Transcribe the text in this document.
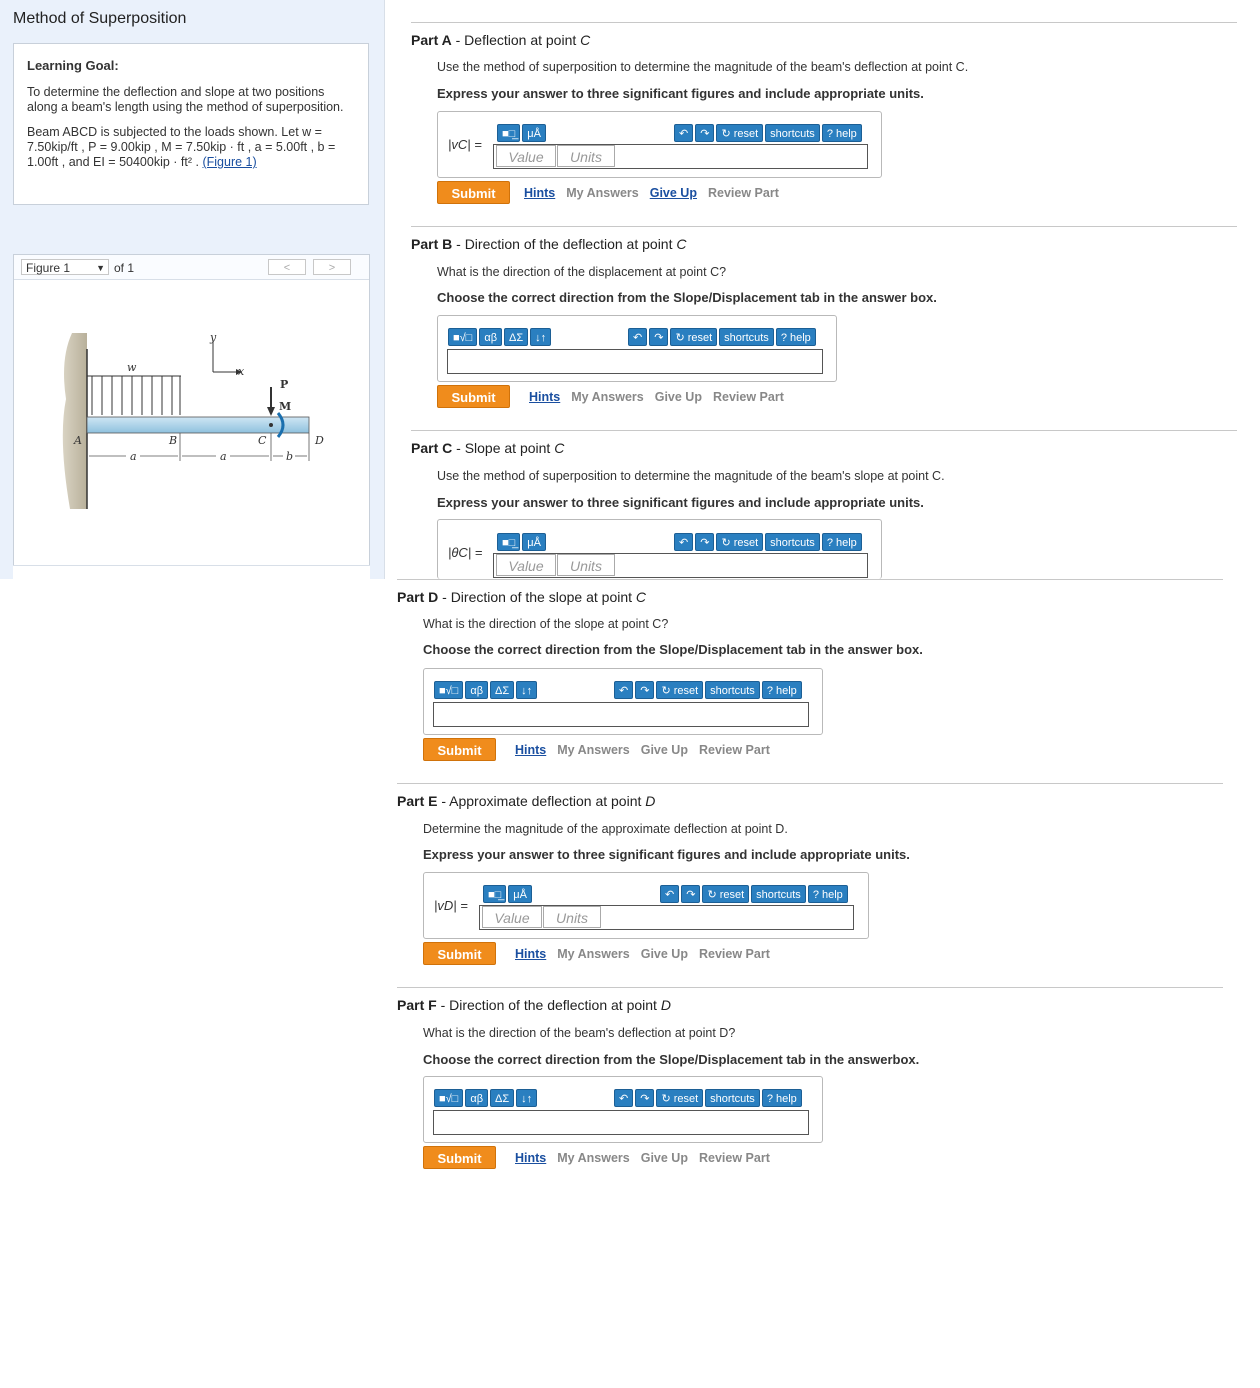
Method of Superposition
Learning Goal:

To determine the deflection and slope at two positions along a beam's length using the method of superposition.

Beam ABCD is subjected to the loads shown. Let w = 7.50kip/ft , P = 9.00kip , M = 7.50kip · ft , a = 5.00ft , b = 1.00ft , and EI = 50400kip · ft² . (Figure 1)

Figure 1	▼ of 1	<	>
y
x
w
P
M
A	B	C	D
a	a	b
Part A - Deflection at point C
Use the method of superposition to determine the magnitude of the beam's deflection at point C.
Express your answer to three significant figures and include appropriate units.
|vC| =
■□̲	μÅ	↶	↷	↻ reset	shortcuts	? help
Value	Units
Submit	Hints My Answers Give Up Review Part
Part B - Direction of the deflection at point C
What is the direction of the displacement at point C?
Choose the correct direction from the Slope/Displacement tab in the answer box.
■√□	αβ	ΔΣ	↓↑	↶	↷	↻ reset	shortcuts	? help
Submit	Hints My Answers Give Up Review Part
Part C - Slope at point C
Use the method of superposition to determine the magnitude of the beam's slope at point C.
Express your answer to three significant figures and include appropriate units.
|θC| =
■□̲	μÅ	↶	↷	↻ reset	shortcuts	? help
Value	Units
Part D - Direction of the slope at point C
What is the direction of the slope at point C?
Choose the correct direction from the Slope/Displacement tab in the answer box.
■√□	αβ	ΔΣ	↓↑	↶	↷	↻ reset	shortcuts	? help
Submit	Hints My Answers Give Up Review Part
Part E - Approximate deflection at point D
Determine the magnitude of the approximate deflection at point D.
Express your answer to three significant figures and include appropriate units.
|vD| =
■□̲	μÅ	↶	↷	↻ reset	shortcuts	? help
Value	Units
Submit	Hints My Answers Give Up Review Part
Part F - Direction of the deflection at point D
What is the direction of the beam's deflection at point D?
Choose the correct direction from the Slope/Displacement tab in the answerbox.
■√□	αβ	ΔΣ	↓↑	↶	↷	↻ reset	shortcuts	? help
Submit	Hints My Answers Give Up Review Part
